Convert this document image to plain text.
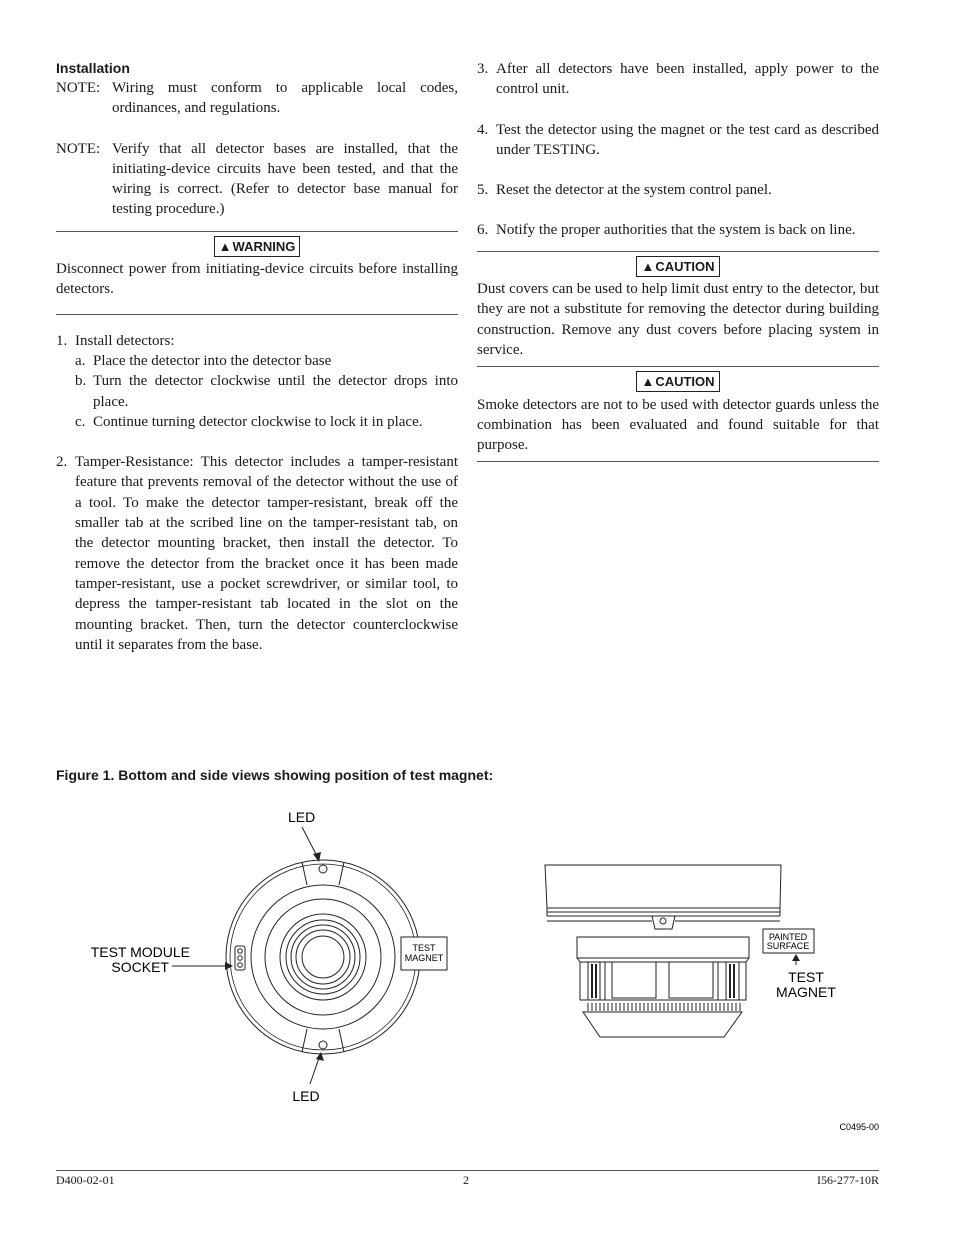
Installation
NOTE: Wiring must conform to applicable local codes, ordinances, and regulations.
NOTE: Verify that all detector bases are installed, that the initiating-device circuits have been tested, and that the wiring is correct. (Refer to detector base manual for testing procedure.)
▲WARNING
Disconnect power from initiating-device circuits before installing detectors.
1. Install detectors:
a. Place the detector into the detector base
b. Turn the detector clockwise until the detector drops into place.
c. Continue turning detector clockwise to lock it in place.
2. Tamper-Resistance: This detector includes a tamper-resistant feature that prevents removal of the detector without the use of a tool. To make the detector tamper-resistant, break off the smaller tab at the scribed line on the tamper-resistant tab, on the detector mounting bracket, then install the detector. To remove the detector from the bracket once it has been made tamper-resistant, use a pocket screwdriver, or similar tool, to depress the tamper-resistant tab located in the slot on the mounting bracket. Then, turn the detector counterclockwise until it separates from the base.
3. After all detectors have been installed, apply power to the control unit.
4. Test the detector using the magnet or the test card as described under TESTING.
5. Reset the detector at the system control panel.
6. Notify the proper authorities that the system is back on line.
▲CAUTION
Dust covers can be used to help limit dust entry to the detector, but they are not a substitute for removing the detector during building construction. Remove any dust covers before placing system in service.
▲CAUTION
Smoke detectors are not to be used with detector guards unless the combination has been evaluated and found suitable for that purpose.
Figure 1. Bottom and side views showing position of test magnet:
LED
LED
TEST MODULE
SOCKET
TEST
MAGNET
PAINTED
SURFACE
TEST
MAGNET
C0495-00
D400-02-01	2	I56-277-10R
